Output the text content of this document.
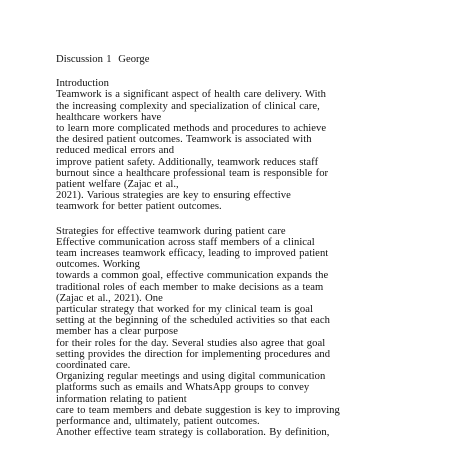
Discussion 1  George
Introduction
Teamwork is a significant aspect of health care delivery. With
the increasing complexity and specialization of clinical care,
healthcare workers have
to learn more complicated methods and procedures to achieve
the desired patient outcomes. Teamwork is associated with
reduced medical errors and
improve patient safety. Additionally, teamwork reduces staff
burnout since a healthcare professional team is responsible for
patient welfare (Zajac et al.,
2021). Various strategies are key to ensuring effective
teamwork for better patient outcomes.
Strategies for effective teamwork during patient care
Effective communication across staff members of a clinical
team increases teamwork efficacy, leading to improved patient
outcomes. Working
towards a common goal, effective communication expands the
traditional roles of each member to make decisions as a team
(Zajac et al., 2021). One
particular strategy that worked for my clinical team is goal
setting at the beginning of the scheduled activities so that each
member has a clear purpose
for their roles for the day. Several studies also agree that goal
setting provides the direction for implementing procedures and
coordinated care.
Organizing regular meetings and using digital communication
platforms such as emails and WhatsApp groups to convey
information relating to patient
care to team members and debate suggestion is key to improving
performance and, ultimately, patient outcomes.
Another effective team strategy is collaboration. By definition,
